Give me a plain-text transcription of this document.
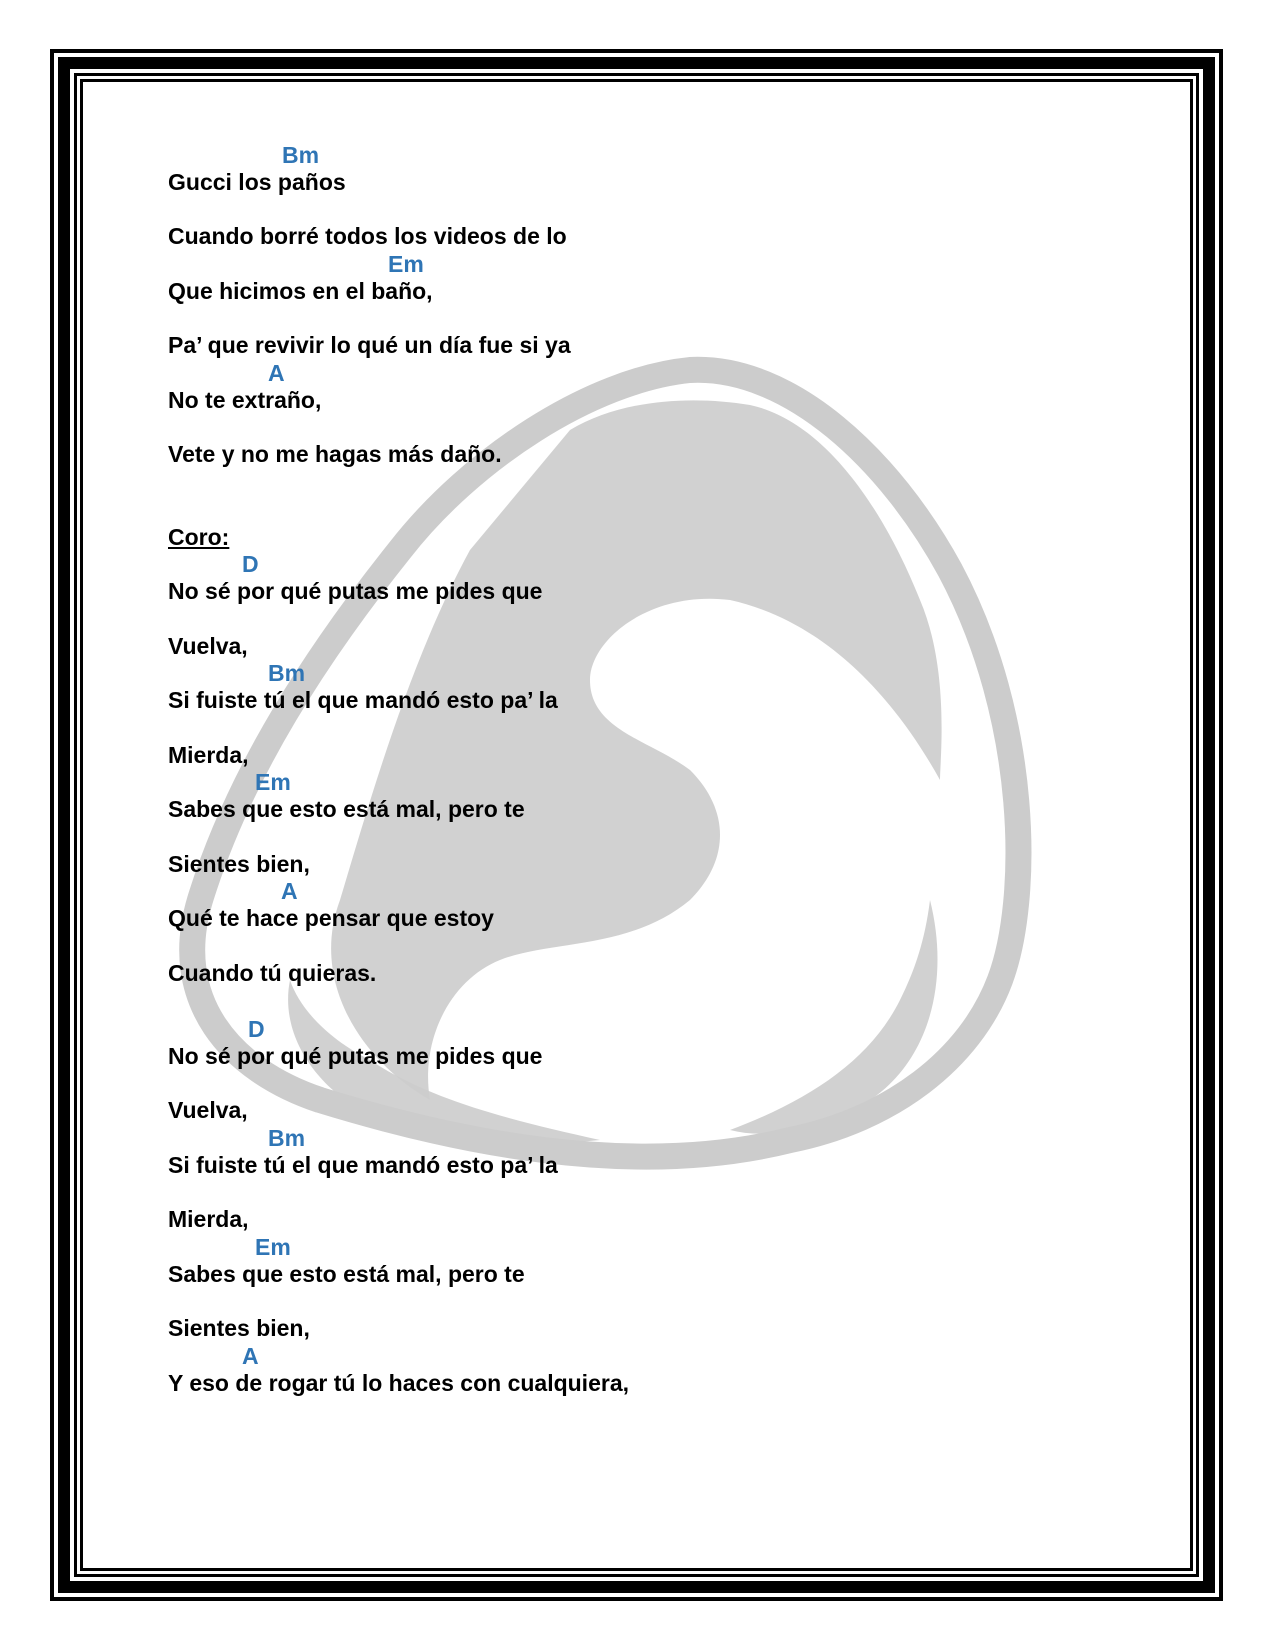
Bm
Gucci los paños
Cuando borré todos los videos de lo
Em
Que hicimos en el baño,
Pa’ que revivir lo qué un día fue si ya
A
No te extraño,
Vete y no me hagas más daño.
Coro:
D
No sé por qué putas me pides que
Vuelva,
Bm
Si fuiste tú el que mandó esto pa’ la
Mierda,
Em
Sabes que esto está mal, pero te
Sientes bien,
A
Qué te hace pensar que estoy
Cuando tú quieras.
D
No sé por qué putas me pides que
Vuelva,
Bm
Si fuiste tú el que mandó esto pa’ la
Mierda,
Em
Sabes que esto está mal, pero te
Sientes bien,
A
Y eso de rogar tú lo haces con cualquiera,
